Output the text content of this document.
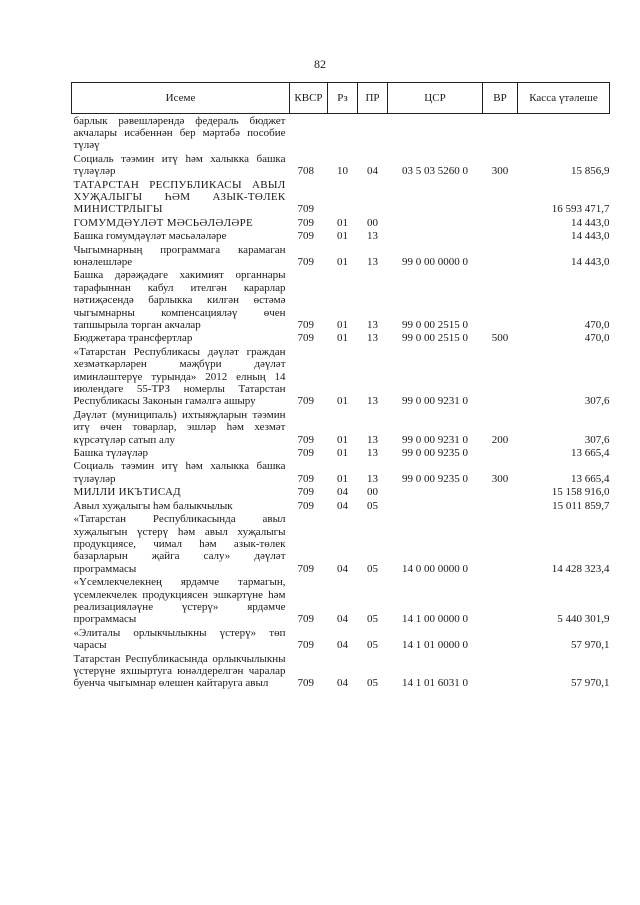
82
Исеме	КВСР	Рз	ПР	ЦСР	ВР	Касса үтәлеше
барлык рәвешләрендә федераль бюджет акчалары исәбеннән бер мәртәбә пособие түләү						
Социаль тәэмин итү һәм халыкка башка түләүләр	708	10	04	03 5 03 5260 0	300	15 856,9
ТАТАРСТАН РЕСПУБЛИКАСЫ АВЫЛ ХУҖАЛЫГЫ ҺӘМ АЗЫК-ТӨЛЕК МИНИСТРЛЫГЫ	709					16 593 471,7
ГОМУМДӘҮЛӘТ МӘСЬӘЛӘЛӘРЕ	709	01	00			14 443,0
Башка гомумдәүләт мәсьәләләре	709	01	13			14 443,0
Чыгымнарның программага карамаган юнәлешләре	709	01	13	99 0 00 0000 0		14 443,0
Башка дәрәҗәдәге хакимият органнары тарафыннан кабул ителгән карарлар нәтиҗәсендә барлыкка килгән өстәмә чыгымнарны компенсацияләү өчен тапшырыла торган акчалар	709	01	13	99 0 00 2515 0		470,0
Бюджетара трансфертлар	709	01	13	99 0 00 2515 0	500	470,0
«Татарстан Республикасы дәүләт граждан хезмәткәрләрен мәҗбүри дәүләт иминләштерүе турында» 2012 елның 14 июлендәге 55-ТРЗ номерлы Татарстан Республикасы Законын гамәлгә ашыру	709	01	13	99 0 00 9231 0		307,6
Дәүләт (муниципаль) ихтыяҗларын тәэмин итү өчен товарлар, эшләр һәм хезмәт күрсәтүләр сатып алу	709	01	13	99 0 00 9231 0	200	307,6
Башка түләүләр	709	01	13	99 0 00 9235 0		13 665,4
Социаль тәэмин итү һәм халыкка башка түләүләр	709	01	13	99 0 00 9235 0	300	13 665,4
МИЛЛИ ИКЪТИСАД	709	04	00			15 158 916,0
Авыл хуҗалыгы һәм балыкчылык	709	04	05			15 011 859,7
«Татарстан Республикасында авыл хуҗалыгын үстерү һәм авыл хуҗалыгы продукциясе, чимал һәм азык-төлек базарларын җайга салу» дәүләт программасы	709	04	05	14 0 00 0000 0		14 428 323,4
«Үсемлекчелекнең ярдәмче тармагын, үсемлекчелек продукциясен эшкәртүне һәм реализацияләүне үстерү» ярдәмче программасы	709	04	05	14 1 00 0000 0		5 440 301,9
«Элиталы орлыкчылыкны үстерү» төп чарасы	709	04	05	14 1 01 0000 0		57 970,1
Татарстан Республикасында орлыкчылыкны үстерүне яхшыртуга юнәлдерелгән чаралар буенча чыгымнар өлешен кайтаруга авыл	709	04	05	14 1 01 6031 0		57 970,1
